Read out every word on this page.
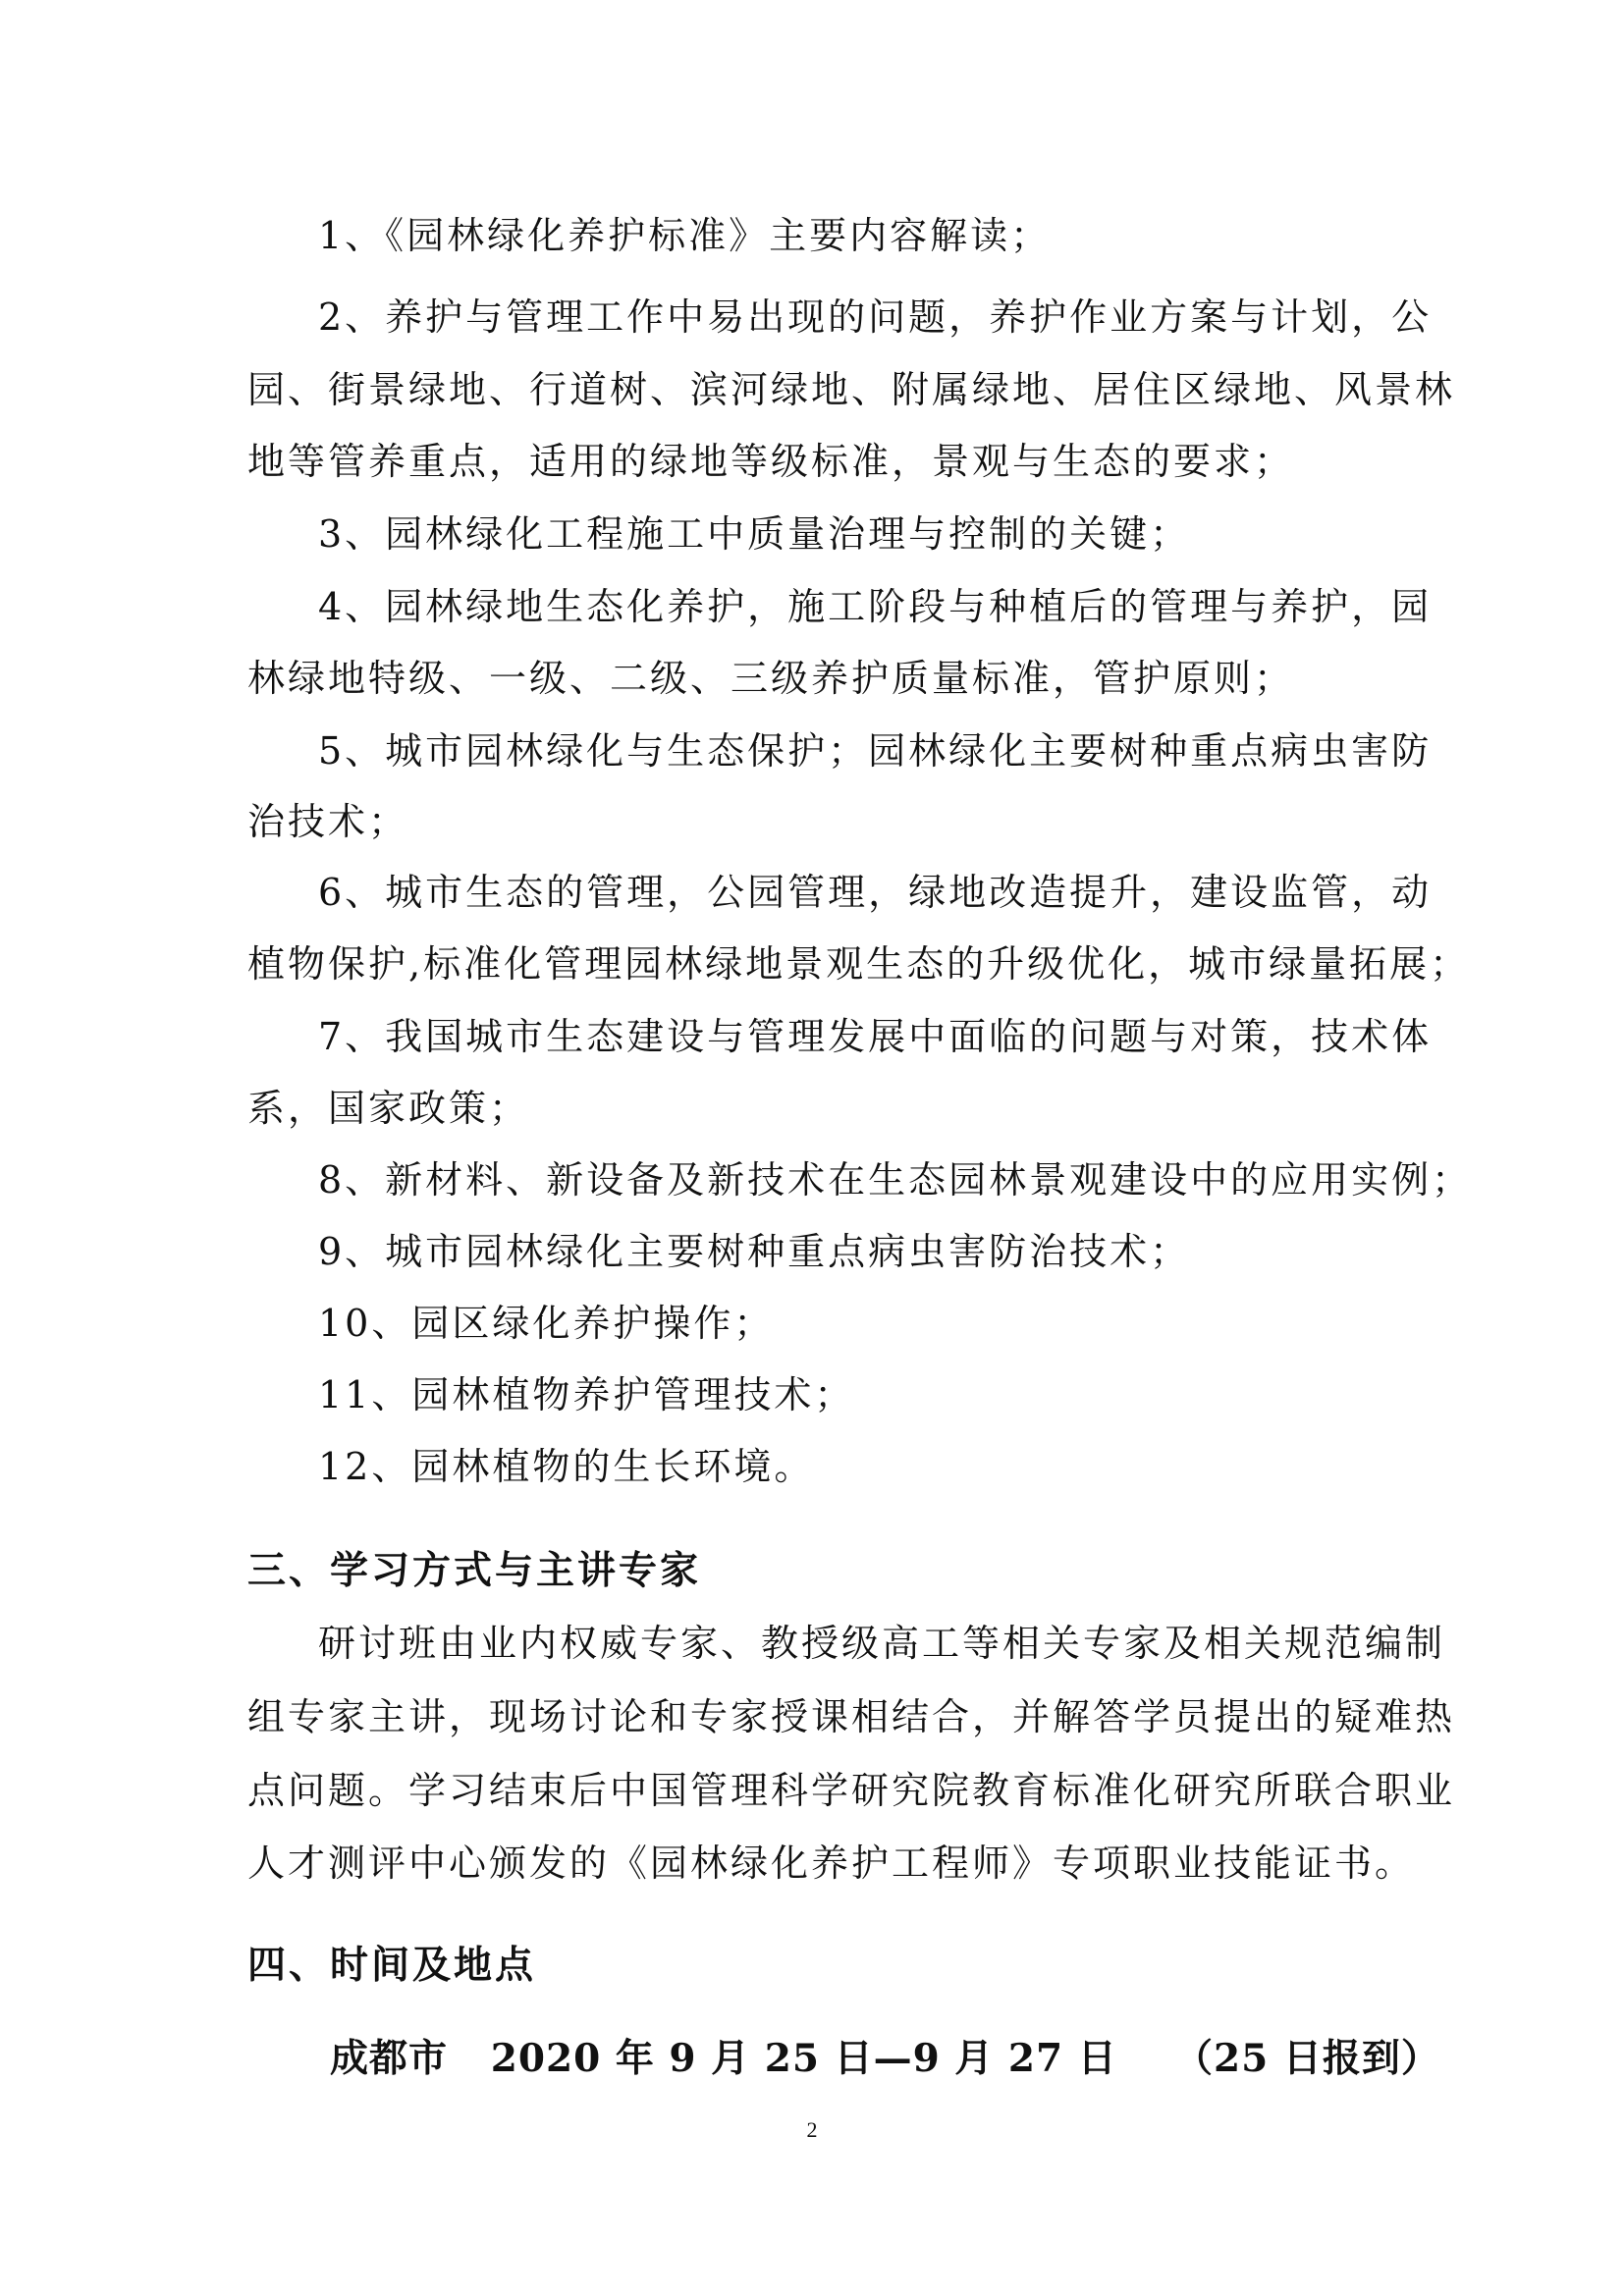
1、《园林绿化养护标准》主要内容解读；
2、养护与管理工作中易出现的问题，养护作业方案与计划，公
园、街景绿地、行道树、滨河绿地、附属绿地、居住区绿地、风景林
地等管养重点，适用的绿地等级标准，景观与生态的要求；
3、园林绿化工程施工中质量治理与控制的关键；
4、园林绿地生态化养护，施工阶段与种植后的管理与养护，园
林绿地特级、一级、二级、三级养护质量标准，管护原则；
5、城市园林绿化与生态保护；园林绿化主要树种重点病虫害防
治技术；
6、城市生态的管理，公园管理，绿地改造提升，建设监管，动
植物保护,标准化管理园林绿地景观生态的升级优化，城市绿量拓展；
7、我国城市生态建设与管理发展中面临的问题与对策，技术体
系，国家政策；
8、新材料、新设备及新技术在生态园林景观建设中的应用实例；
9、城市园林绿化主要树种重点病虫害防治技术；
10、园区绿化养护操作；
11、园林植物养护管理技术；
12、园林植物的生长环境。
三、学习方式与主讲专家
研讨班由业内权威专家、教授级高工等相关专家及相关规范编制
组专家主讲，现场讨论和专家授课相结合，并解答学员提出的疑难热
点问题。学习结束后中国管理科学研究院教育标准化研究所联合职业
人才测评中心颁发的《园林绿化养护工程师》专项职业技能证书。
四、时间及地点
成都市   2020 年 9 月 25 日—9 月 27 日    （25 日报到）
2
